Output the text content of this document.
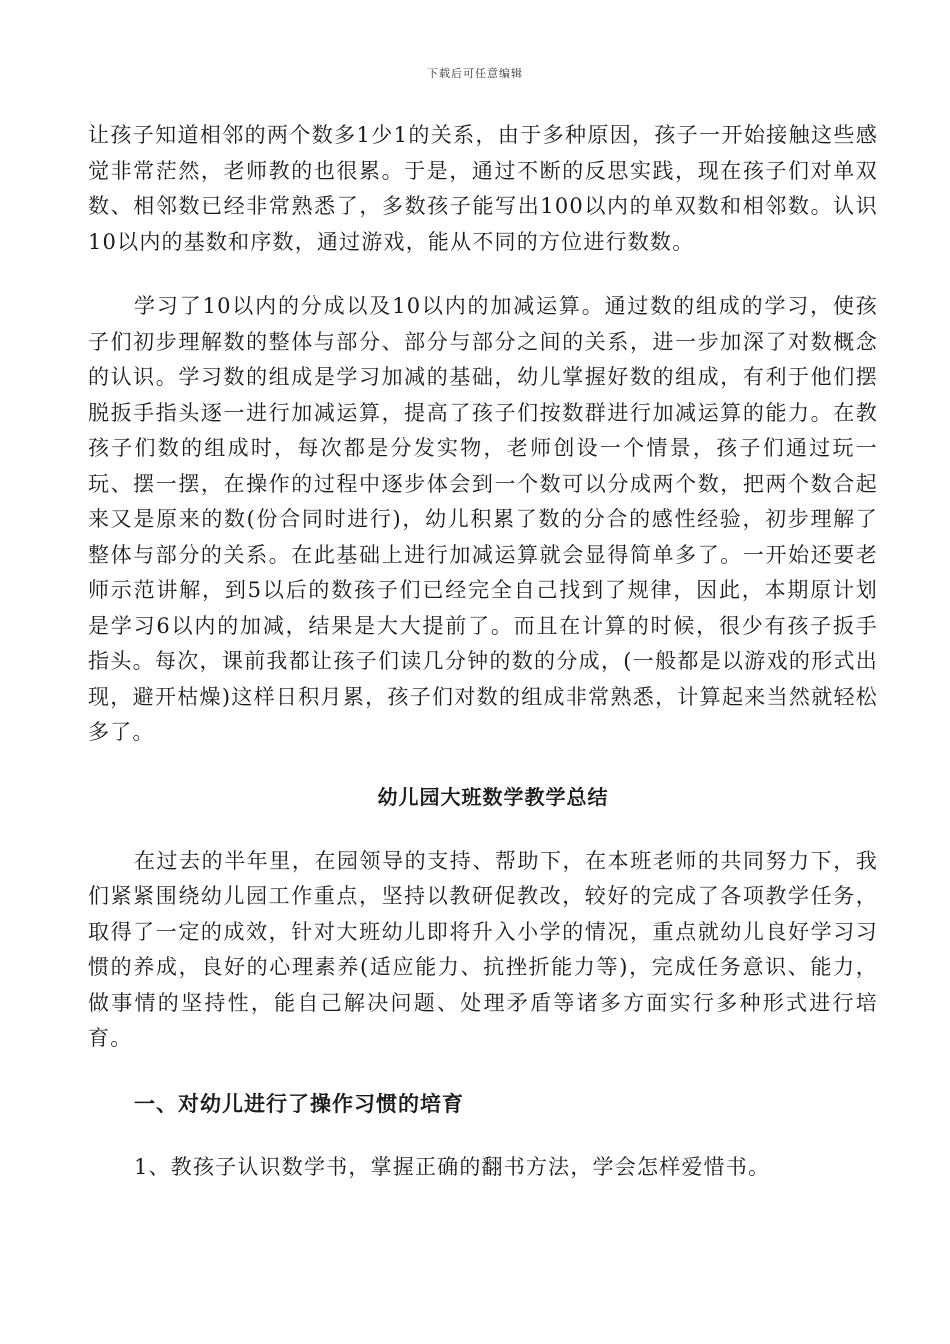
下载后可任意编辑

让孩子知道相邻的两个数多1少1的关系，由于多种原因，孩子一开始接触这些感觉非常茫然，老师教的也很累。于是，通过不断的反思实践，现在孩子们对单双数、相邻数已经非常熟悉了，多数孩子能写出100以内的单双数和相邻数。认识10以内的基数和序数，通过游戏，能从不同的方位进行数数。

学习了10以内的分成以及10以内的加减运算。通过数的组成的学习，使孩子们初步理解数的整体与部分、部分与部分之间的关系，进一步加深了对数概念的认识。学习数的组成是学习加减的基础，幼儿掌握好数的组成，有利于他们摆脱扳手指头逐一进行加减运算，提高了孩子们按数群进行加减运算的能力。在教孩子们数的组成时，每次都是分发实物，老师创设一个情景，孩子们通过玩一玩、摆一摆，在操作的过程中逐步体会到一个数可以分成两个数，把两个数合起来又是原来的数(份合同时进行)，幼儿积累了数的分合的感性经验，初步理解了整体与部分的关系。在此基础上进行加减运算就会显得简单多了。一开始还要老师示范讲解，到5以后的数孩子们已经完全自己找到了规律，因此，本期原计划是学习6以内的加减，结果是大大提前了。而且在计算的时候，很少有孩子扳手指头。每次，课前我都让孩子们读几分钟的数的分成，(一般都是以游戏的形式出现，避开枯燥)这样日积月累，孩子们对数的组成非常熟悉，计算起来当然就轻松多了。

幼儿园大班数学教学总结

在过去的半年里，在园领导的支持、帮助下，在本班老师的共同努力下，我们紧紧围绕幼儿园工作重点，坚持以教研促教改，较好的完成了各项教学任务，取得了一定的成效，针对大班幼儿即将升入小学的情况，重点就幼儿良好学习习惯的养成，良好的心理素养(适应能力、抗挫折能力等)，完成任务意识、能力，做事情的坚持性，能自己解决问题、处理矛盾等诸多方面实行多种形式进行培育。

一、对幼儿进行了操作习惯的培育

1、教孩子认识数学书，掌握正确的翻书方法，学会怎样爱惜书。
